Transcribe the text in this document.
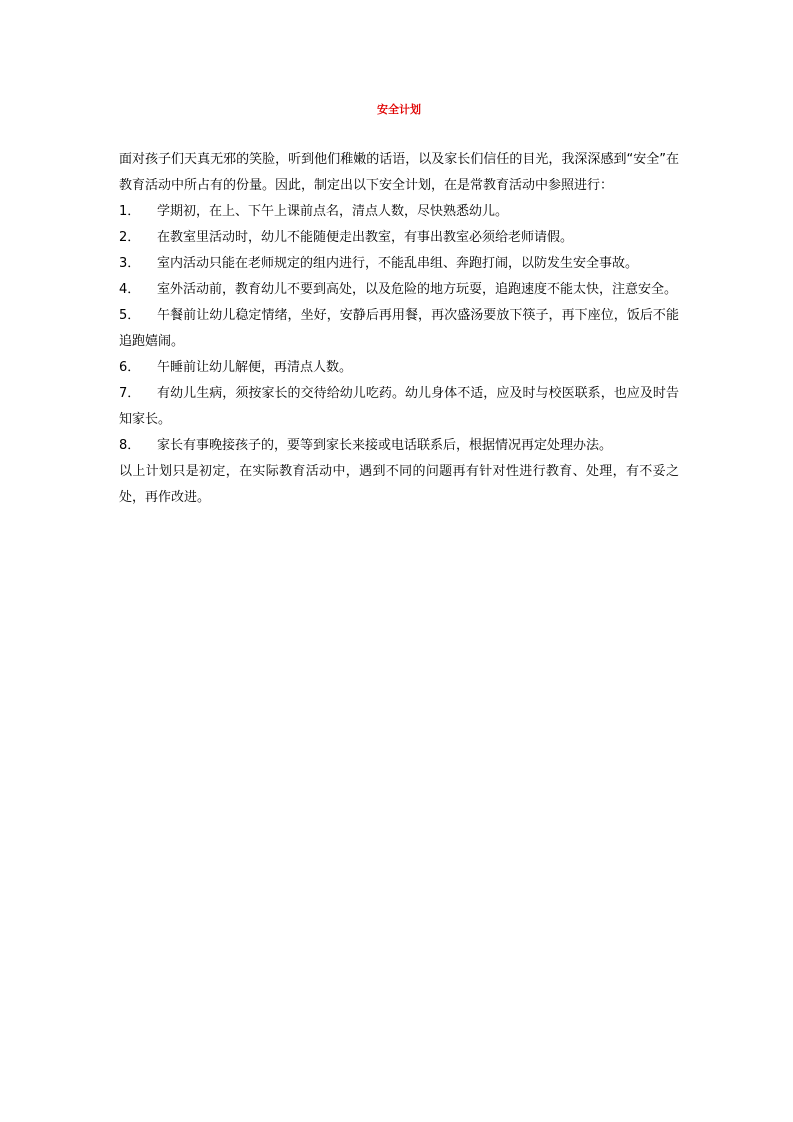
安全计划

面对孩子们天真无邪的笑脸，听到他们稚嫩的话语，以及家长们信任的目光，我深深感到“安全”在教育活动中所占有的份量。因此，制定出以下安全计划，在是常教育活动中参照进行：

1． 学期初，在上、下午上课前点名，清点人数，尽快熟悉幼儿。

2． 在教室里活动时，幼儿不能随便走出教室，有事出教室必须给老师请假。

3． 室内活动只能在老师规定的组内进行，不能乱串组、奔跑打闹，以防发生安全事故。

4． 室外活动前，教育幼儿不要到高处，以及危险的地方玩耍，追跑速度不能太快，注意安全。

5． 午餐前让幼儿稳定情绪，坐好，安静后再用餐，再次盛汤要放下筷子，再下座位，饭后不能追跑嬉闹。

6． 午睡前让幼儿解便，再清点人数。

7． 有幼儿生病，须按家长的交待给幼儿吃药。幼儿身体不适，应及时与校医联系，也应及时告知家长。

8． 家长有事晚接孩子的，要等到家长来接或电话联系后，根据情况再定处理办法。

以上计划只是初定，在实际教育活动中，遇到不同的问题再有针对性进行教育、处理，有不妥之处，再作改进。
